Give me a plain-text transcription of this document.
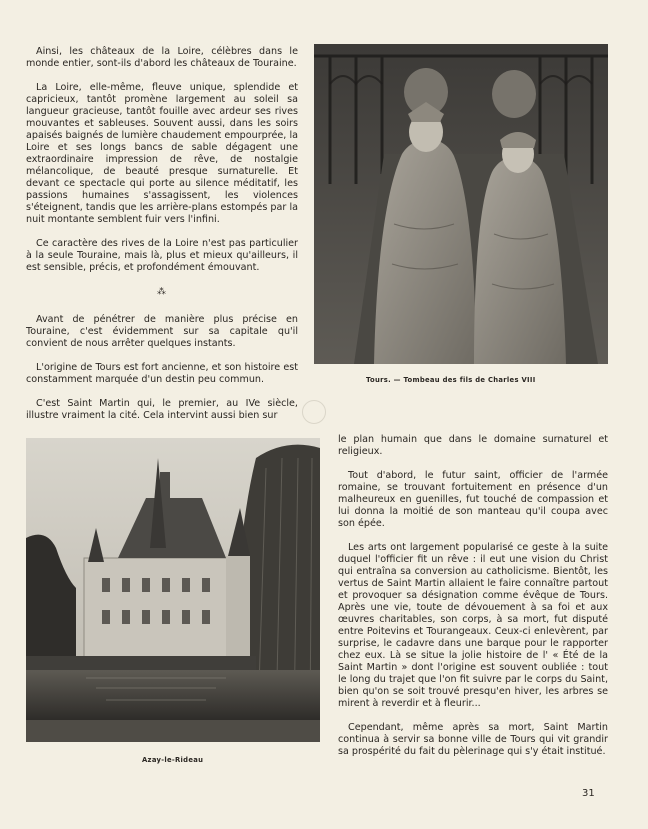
Ainsi, les châteaux de la Loire, célèbres dans le monde entier, sont-ils d'abord les châteaux de Touraine.

La Loire, elle-même, fleuve unique, splendide et capricieux, tantôt promène largement au soleil sa langueur gracieuse, tantôt fouille avec ardeur ses rives mouvantes et sableuses. Souvent aussi, dans les soirs apaisés baignés de lumière chaudement empourprée, la Loire et ses longs bancs de sable dégagent une extraordinaire impression de rêve, de nostalgie mélancolique, de beauté presque surnaturelle. Et devant ce spectacle qui porte au silence méditatif, les passions humaines s'assagissent, les violences s'éteignent, tandis que les arrière-plans estompés par la nuit montante semblent fuir vers l'infini.

Ce caractère des rives de la Loire n'est pas particulier à la seule Touraine, mais là, plus et mieux qu'ailleurs, il est sensible, précis, et profondément émouvant.

⁂

Avant de pénétrer de manière plus précise en Touraine, c'est évidemment sur sa capitale qu'il convient de nous arrêter quelques instants.

L'origine de Tours est fort ancienne, et son histoire est constamment marquée d'un destin peu commun.

C'est Saint Martin qui, le premier, au IVe siècle, illustre vraiment la cité. Cela intervint aussi bien sur

Tours. — Tombeau des fils de Charles VIII
Azay-le-Rideau

le plan humain que dans le domaine surnaturel et religieux.

Tout d'abord, le futur saint, officier de l'armée romaine, se trouvant fortuitement en présence d'un malheureux en guenilles, fut touché de compassion et lui donna la moitié de son manteau qu'il coupa avec son épée.

Les arts ont largement popularisé ce geste à la suite duquel l'officier fit un rêve : il eut une vision du Christ qui entraîna sa conversion au catholicisme. Bientôt, les vertus de Saint Martin allaient le faire connaître partout et provoquer sa désignation comme évêque de Tours. Après une vie, toute de dévouement à sa foi et aux œuvres charitables, son corps, à sa mort, fut disputé entre Poitevins et Tourangeaux. Ceux-ci enlevèrent, par surprise, le cadavre dans une barque pour le rapporter chez eux. Là se situe la jolie histoire de l' « Été de la Saint Martin » dont l'origine est souvent oubliée : tout le long du trajet que l'on fit suivre par le corps du Saint, bien qu'on se soit trouvé presqu'en hiver, les arbres se mirent à reverdir et à fleurir...

Cependant, même après sa mort, Saint Martin continua à servir sa bonne ville de Tours qui vit grandir sa prospérité du fait du pèlerinage qui s'y était institué.

31
